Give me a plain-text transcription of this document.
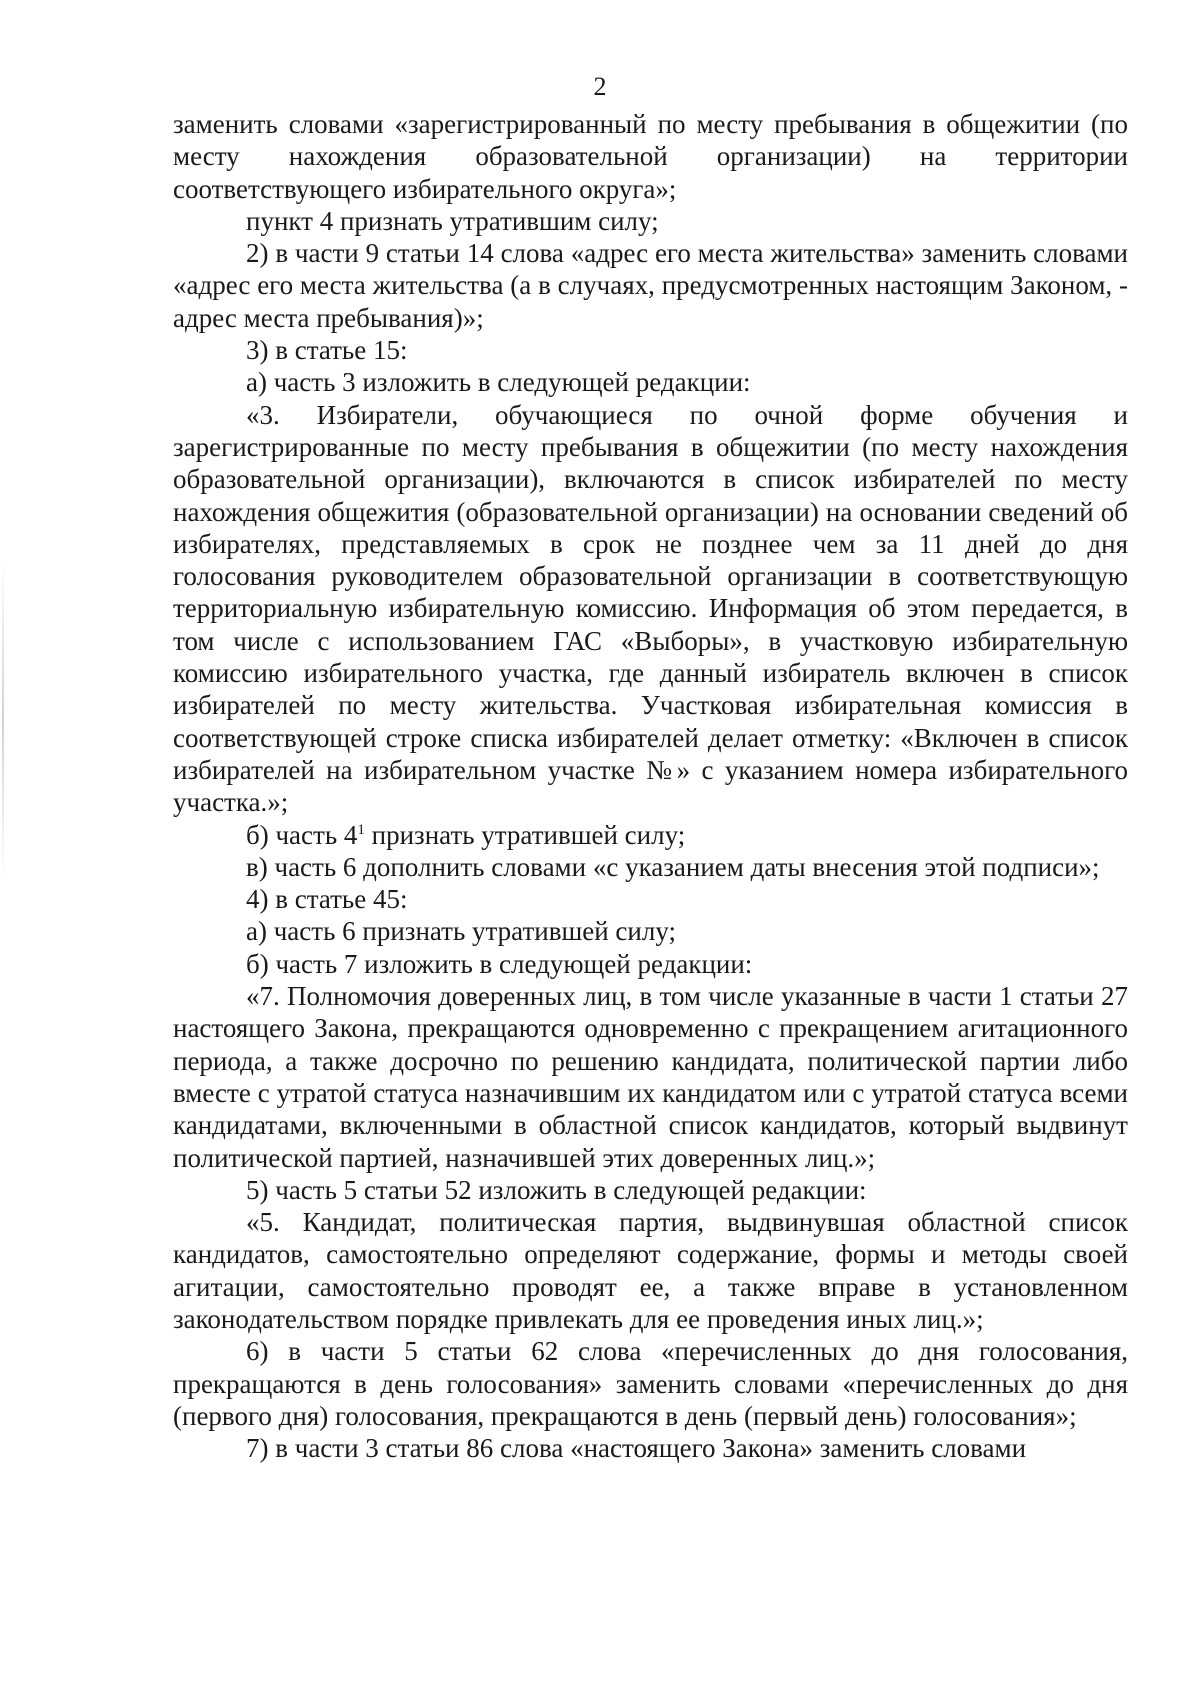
2

заменить словами «зарегистрированный по месту пребывания в общежитии (по месту нахождения образовательной организации) на территории соответствующего избирательного округа»;

пункт 4 признать утратившим силу;

2) в части 9 статьи 14 слова «адрес его места жительства» заменить словами «адрес его места жительства (а в случаях, предусмотренных настоящим Законом, - адрес места пребывания)»;

3) в статье 15:

а) часть 3 изложить в следующей редакции:

«3. Избиратели, обучающиеся по очной форме обучения и зарегистрированные по месту пребывания в общежитии (по месту нахождения образовательной организации), включаются в список избирателей по месту нахождения общежития (образовательной организации) на основании сведений об избирателях, представляемых в срок не позднее чем за 11 дней до дня голосования руководителем образовательной организации в соответствующую территориальную избирательную комиссию. Информация об этом передается, в том числе с использованием ГАС «Выборы», в участковую избирательную комиссию избирательного участка, где данный избиратель включен в список избирателей по месту жительства. Участковая избирательная комиссия в соответствующей строке списка избирателей делает отметку: «Включен в список избирателей на избирательном участке №» с указанием номера избирательного участка.»;

б) часть $4^1$ признать утратившей силу;

в) часть 6 дополнить словами «с указанием даты внесения этой подписи»;

4) в статье 45:

а) часть 6 признать утратившей силу;

б) часть 7 изложить в следующей редакции:

«7. Полномочия доверенных лиц, в том числе указанные в части 1 статьи 27 настоящего Закона, прекращаются одновременно с прекращением агитационного периода, а также досрочно по решению кандидата, политической партии либо вместе с утратой статуса назначившим их кандидатом или с утратой статуса всеми кандидатами, включенными в областной список кандидатов, который выдвинут политической партией, назначившей этих доверенных лиц.»;

5) часть 5 статьи 52 изложить в следующей редакции:

«5. Кандидат, политическая партия, выдвинувшая областной список кандидатов, самостоятельно определяют содержание, формы и методы своей агитации, самостоятельно проводят ее, а также вправе в установленном законодательством порядке привлекать для ее проведения иных лиц.»;

6) в части 5 статьи 62 слова «перечисленных до дня голосования, прекращаются в день голосования» заменить словами «перечисленных до дня (первого дня) голосования, прекращаются в день (первый день) голосования»;

7) в части 3 статьи 86 слова «настоящего Закона» заменить словами
